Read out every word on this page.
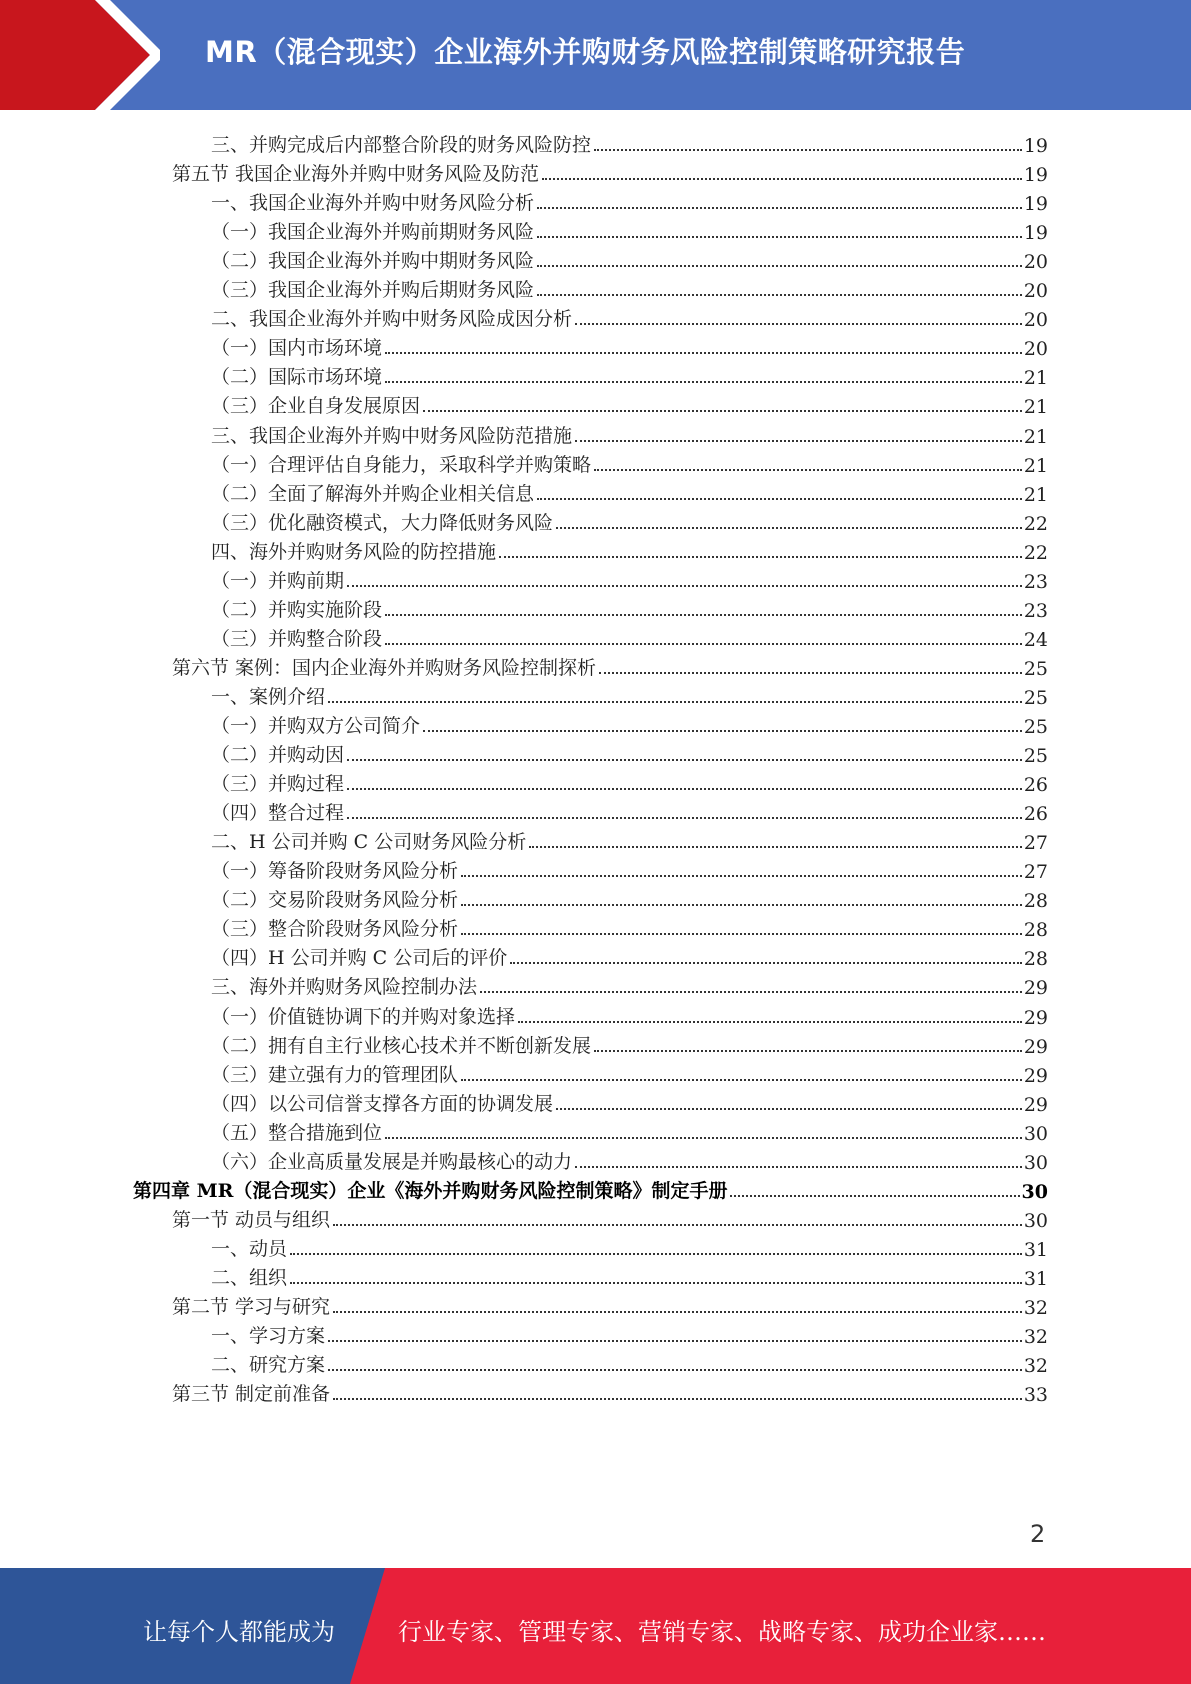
MR（混合现实）企业海外并购财务风险控制策略研究报告
三、并购完成后内部整合阶段的财务风险防控	19
第五节 我国企业海外并购中财务风险及防范	19
一、我国企业海外并购中财务风险分析	19
（一）我国企业海外并购前期财务风险	19
（二）我国企业海外并购中期财务风险	20
（三）我国企业海外并购后期财务风险	20
二、我国企业海外并购中财务风险成因分析	20
（一）国内市场环境	20
（二）国际市场环境	21
（三）企业自身发展原因	21
三、我国企业海外并购中财务风险防范措施	21
（一）合理评估自身能力，采取科学并购策略	21
（二）全面了解海外并购企业相关信息	21
（三）优化融资模式，大力降低财务风险	22
四、海外并购财务风险的防控措施	22
（一）并购前期	23
（二）并购实施阶段	23
（三）并购整合阶段	24
第六节 案例：国内企业海外并购财务风险控制探析	25
一、案例介绍	25
（一）并购双方公司简介	25
（二）并购动因	25
（三）并购过程	26
（四）整合过程	26
二、H 公司并购 C 公司财务风险分析	27
（一）筹备阶段财务风险分析	27
（二）交易阶段财务风险分析	28
（三）整合阶段财务风险分析	28
（四）H 公司并购 C 公司后的评价	28
三、海外并购财务风险控制办法	29
（一）价值链协调下的并购对象选择	29
（二）拥有自主行业核心技术并不断创新发展	29
（三）建立强有力的管理团队	29
（四）以公司信誉支撑各方面的协调发展	29
（五）整合措施到位	30
（六）企业高质量发展是并购最核心的动力	30
第四章 MR（混合现实）企业《海外并购财务风险控制策略》制定手册	30
第一节 动员与组织	30
一、动员	31
二、组织	31
第二节 学习与研究	32
一、学习方案	32
二、研究方案	32
第三节 制定前准备	33
2
让每个人都能成为	行业专家、管理专家、营销专家、战略专家、成功企业家……
